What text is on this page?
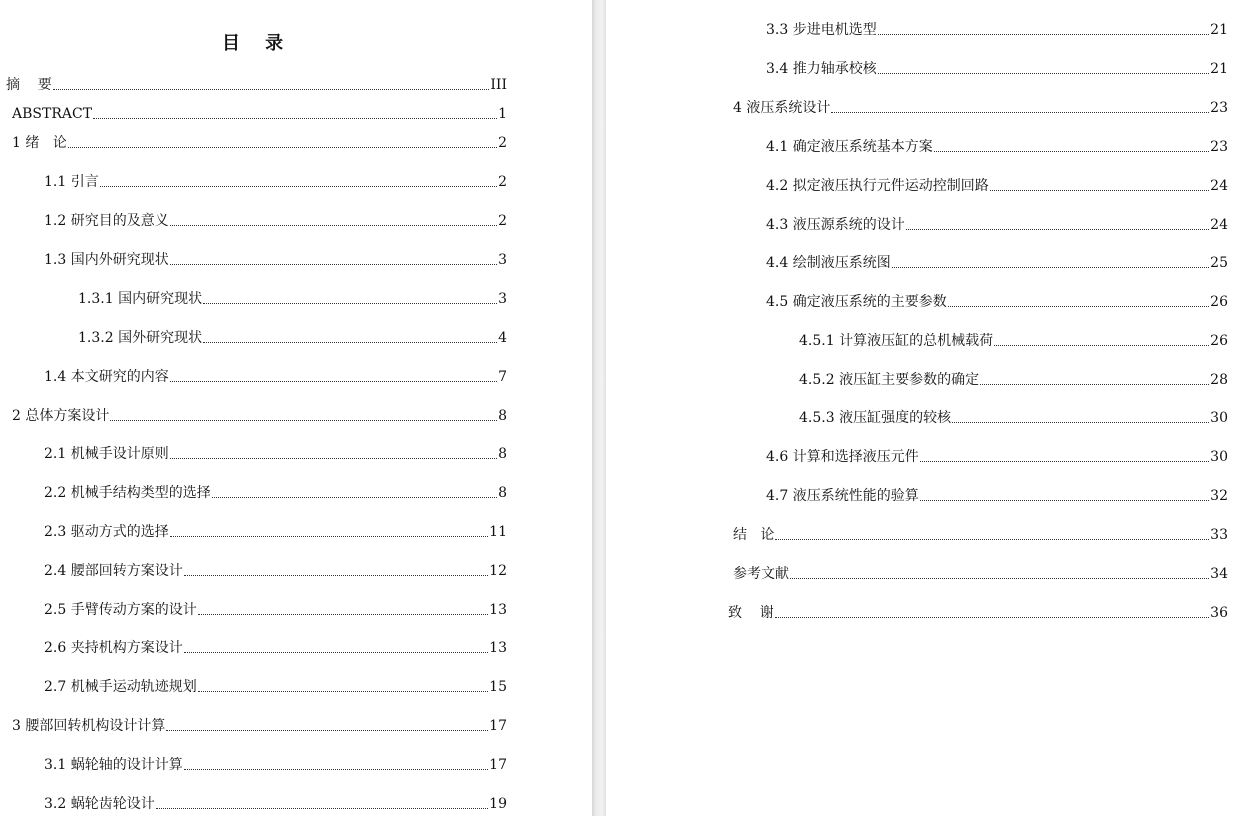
目    录
摘    要	III
ABSTRACT	1
1 绪   论	2
1.1 引言	2
1.2 研究目的及意义	2
1.3 国内外研究现状	3
1.3.1 国内研究现状	3
1.3.2 国外研究现状	4
1.4 本文研究的内容	7
2 总体方案设计	8
2.1 机械手设计原则	8
2.2 机械手结构类型的选择	8
2.3 驱动方式的选择	11
2.4 腰部回转方案设计	12
2.5 手臂传动方案的设计	13
2.6 夹持机构方案设计	13
2.7 机械手运动轨迹规划	15
3 腰部回转机构设计计算	17
3.1 蜗轮轴的设计计算	17
3.2 蜗轮齿轮设计	19
3.3 步进电机选型	21
3.4 推力轴承校核	21
4 液压系统设计	23
4.1 确定液压系统基本方案	23
4.2 拟定液压执行元件运动控制回路	24
4.3 液压源系统的设计	24
4.4 绘制液压系统图	25
4.5 确定液压系统的主要参数	26
4.5.1 计算液压缸的总机械载荷	26
4.5.2 液压缸主要参数的确定	28
4.5.3 液压缸强度的较核	30
4.6 计算和选择液压元件	30
4.7 液压系统性能的验算	32
结   论	33
参考文献	34
致    谢	36
